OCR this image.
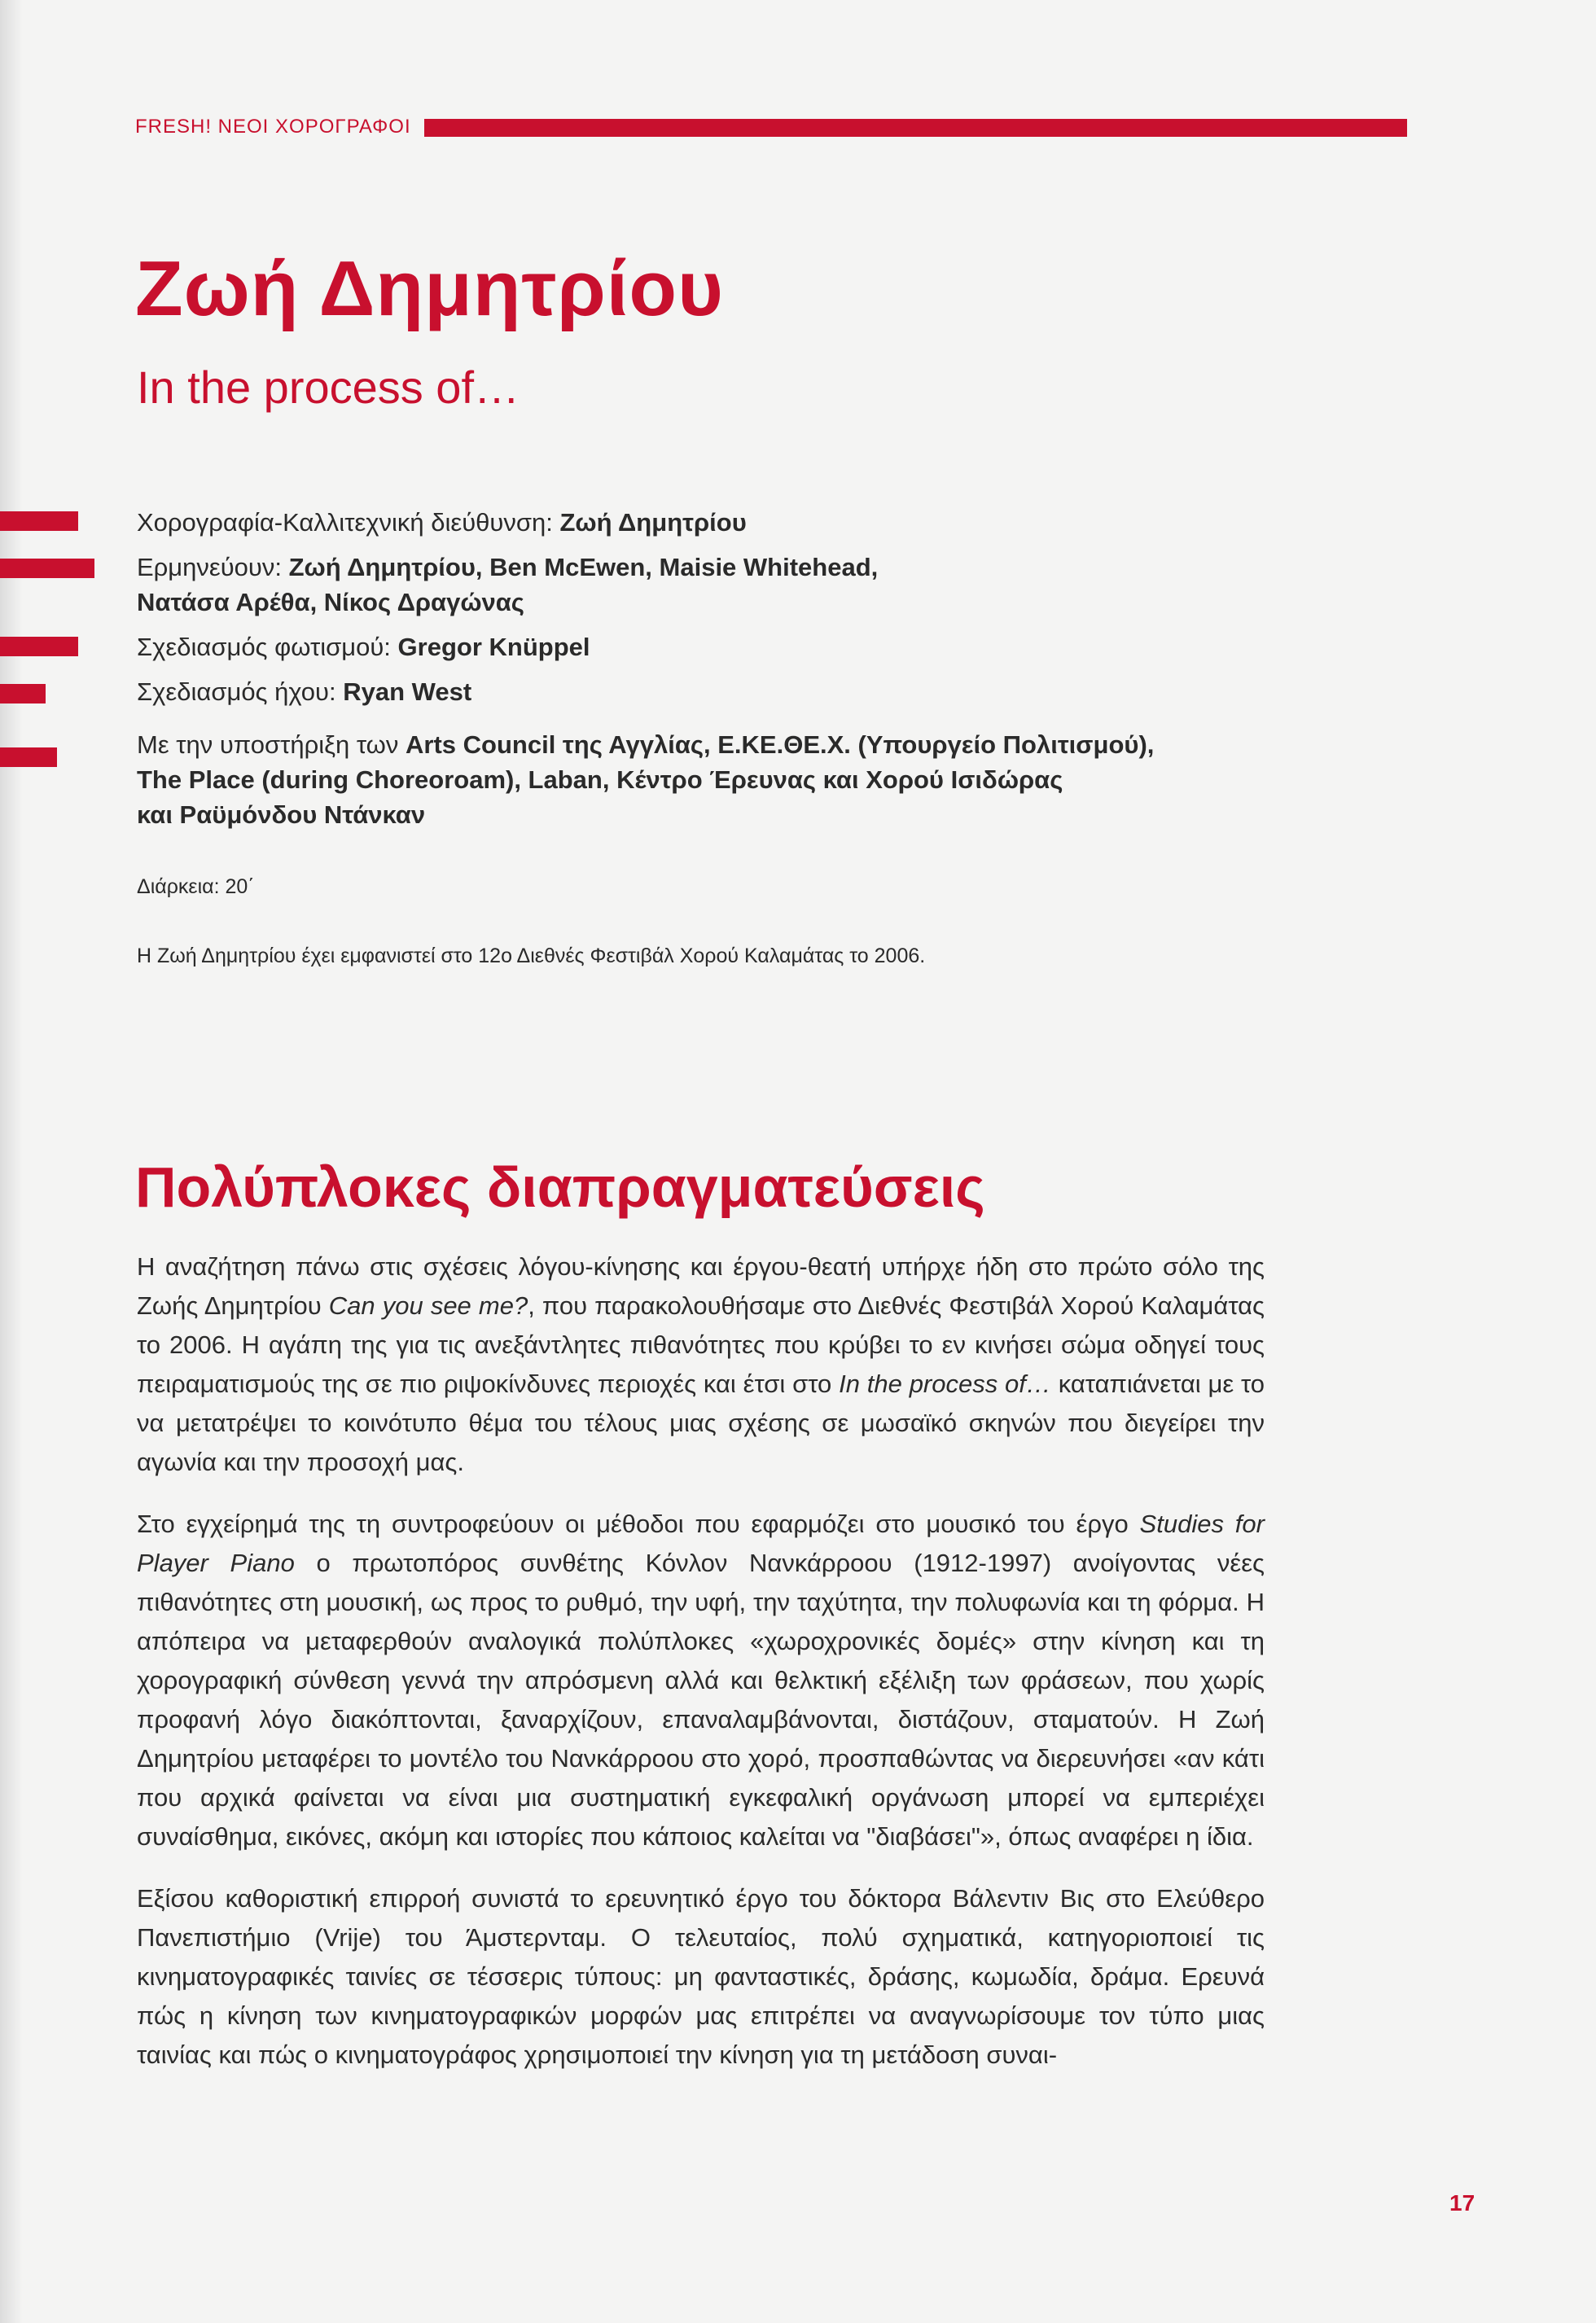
FRESH! ΝΕΟΙ ΧΟΡΟΓΡΑΦΟΙ
Ζωή Δημητρίου
In the process of…
Χορογραφία-Καλλιτεχνική διεύθυνση: Ζωή Δημητρίου
Ερμηνεύουν: Ζωή Δημητρίου, Ben McEwen, Maisie Whitehead,
Νατάσα Αρέθα, Νίκος Δραγώνας
Σχεδιασμός φωτισμού: Gregor Knüppel
Σχεδιασμός ήχου: Ryan West
Με την υποστήριξη των Arts Council της Αγγλίας, Ε.ΚΕ.ΘΕ.Χ. (Υπουργείο Πολιτισμού),
The Place (during Choreoroam), Laban, Κέντρο Έρευνας και Χορού Ισιδώρας
και Ραϋμόνδου Ντάνκαν
Διάρκεια: 20΄
Η Ζωή Δημητρίου έχει εμφανιστεί στο 12ο Διεθνές Φεστιβάλ Χορού Καλαμάτας το 2006.
Πολύπλοκες διαπραγματεύσεις

Η αναζήτηση πάνω στις σχέσεις λόγου-κίνησης και έργου-θεατή υπήρχε ήδη στο πρώτο σόλο της Ζωής Δημητρίου Can you see me?, που παρακολουθήσαμε στο Διεθνές Φεστιβάλ Χορού Καλαμάτας το 2006. Η αγάπη της για τις ανεξάντλητες πιθανότητες που κρύβει το εν κινήσει σώμα οδηγεί τους πειραματισμούς της σε πιο ριψοκίνδυνες περιοχές και έτσι στο In the process of… καταπιάνεται με το να μετατρέψει το κοινότυπο θέμα του τέλους μιας σχέσης σε μωσαϊκό σκηνών που διεγείρει την αγωνία και την προσοχή μας.

Στο εγχείρημά της τη συντροφεύουν οι μέθοδοι που εφαρμόζει στο μουσικό του έργο Studies for Player Piano ο πρωτοπόρος συνθέτης Κόνλον Νανκάρροου (1912-1997) ανοίγοντας νέες πιθανότητες στη μουσική, ως προς το ρυθμό, την υφή, την ταχύτητα, την πολυφωνία και τη φόρμα. Η απόπειρα να μεταφερθούν αναλογικά πολύπλοκες «χωροχρονικές δομές» στην κίνηση και τη χορογραφική σύνθεση γεννά την απρόσμενη αλλά και θελκτική εξέλιξη των φράσεων, που χωρίς προφανή λόγο διακόπτονται, ξαναρχίζουν, επαναλαμβάνονται, διστάζουν, σταματούν. Η Ζωή Δημητρίου μεταφέρει το μοντέλο του Νανκάρροου στο χορό, προσπαθώντας να διερευνήσει «αν κάτι που αρχικά φαίνεται να είναι μια συστηματική εγκεφαλική οργάνωση μπορεί να εμπεριέχει συναίσθημα, εικόνες, ακόμη και ιστορίες που κάποιος καλείται να "διαβάσει"», όπως αναφέρει η ίδια.

Εξίσου καθοριστική επιρροή συνιστά το ερευνητικό έργο του δόκτορα Βάλεντιν Βις στο Ελεύθερο Πανεπιστήμιο (Vrije) του Άμστερνταμ. Ο τελευταίος, πολύ σχηματικά, κατηγοριοποιεί τις κινηματογραφικές ταινίες σε τέσσερις τύπους: μη φανταστικές, δράσης, κωμωδία, δράμα. Ερευνά πώς η κίνηση των κινηματογραφικών μορφών μας επιτρέπει να αναγνωρίσουμε τον τύπο μιας ταινίας και πώς ο κινηματογράφος χρησιμοποιεί την κίνηση για τη μετάδοση συναι-

17
